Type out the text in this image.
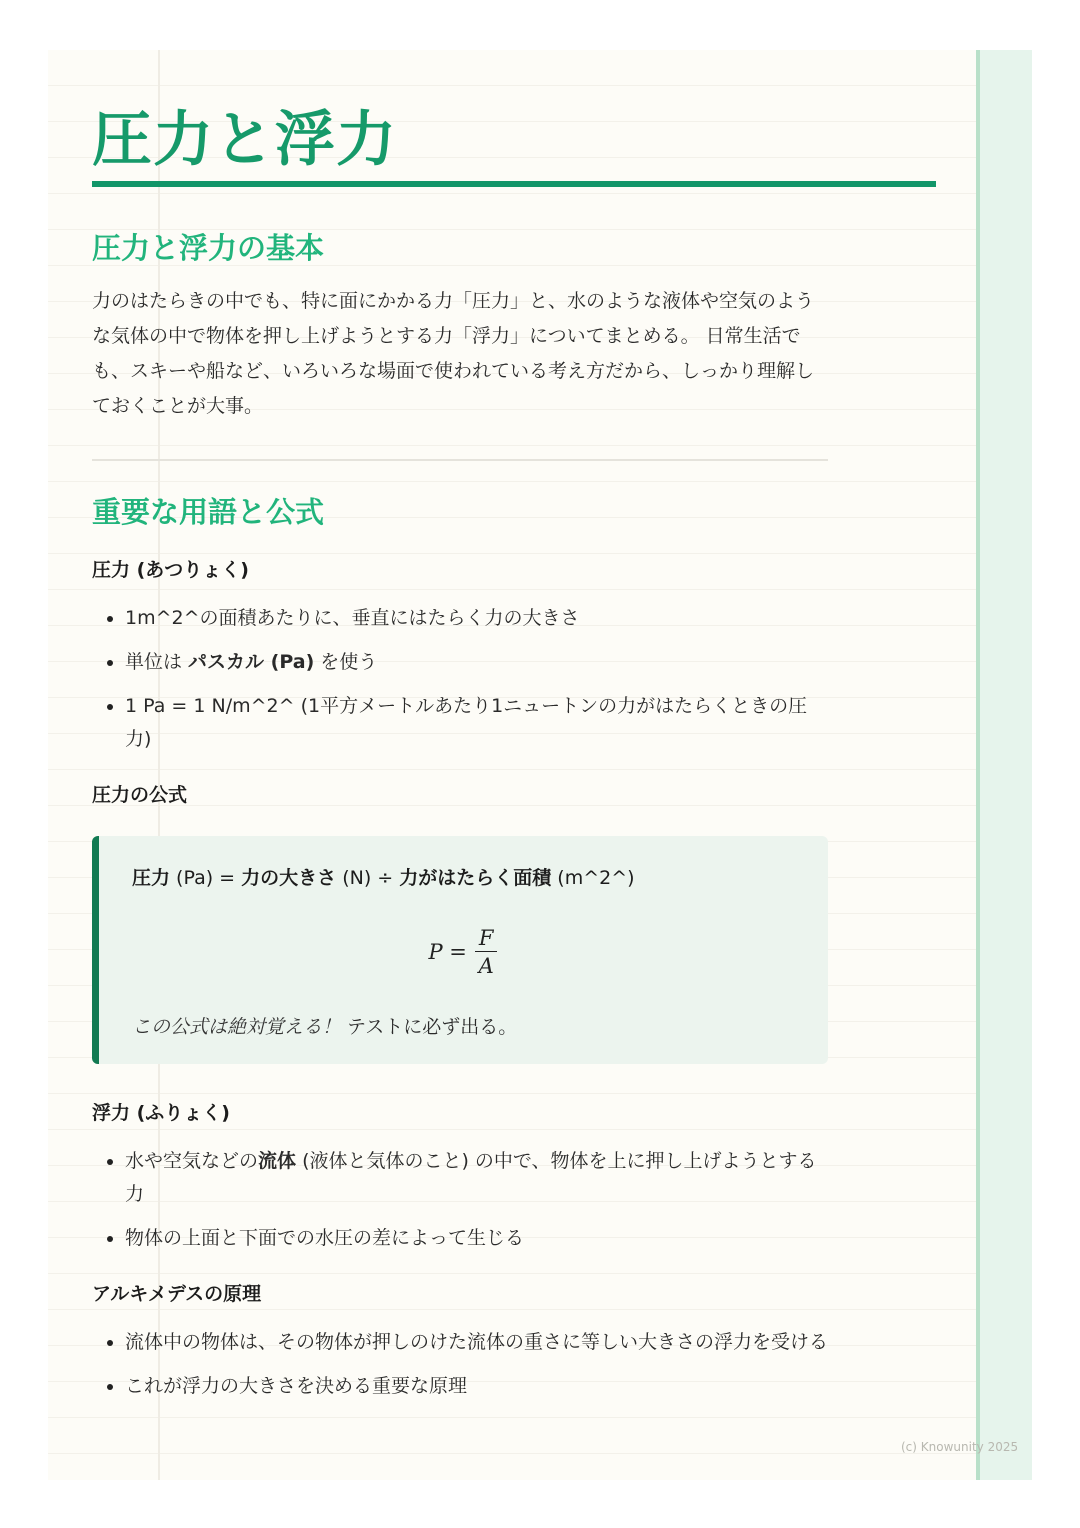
圧力と浮力
圧力と浮力の基本

力のはたらきの中でも、特に面にかかる力「圧力」と、水のような液体や空気のような気体の中で物体を押し上げようとする力「浮力」についてまとめる。 日常生活でも、スキーや船など、いろいろな場面で使われている考え方だから、しっかり理解しておくことが大事。

重要な用語と公式
圧力 (あつりょく)
• 1m^2^の面積あたりに、垂直にはたらく力の大きさ
• 単位は パスカル (Pa) を使う
• 1 Pa = 1 N/m^2^ (1平方メートルあたり1ニュートンの力がはたらくときの圧力)
圧力の公式
圧力 (Pa) = 力の大きさ (N) ÷ 力がはたらく面積 (m^2^)
$P = \frac{F}{A}$
この公式は絶対覚える！ テストに必ず出る。
浮力 (ふりょく)
• 水や空気などの流体 (液体と気体のこと) の中で、物体を上に押し上げようとする力
• 物体の上面と下面での水圧の差によって生じる
アルキメデスの原理
• 流体中の物体は、その物体が押しのけた流体の重さに等しい大きさの浮力を受ける
• これが浮力の大きさを決める重要な原理
(c) Knowunity 2025
